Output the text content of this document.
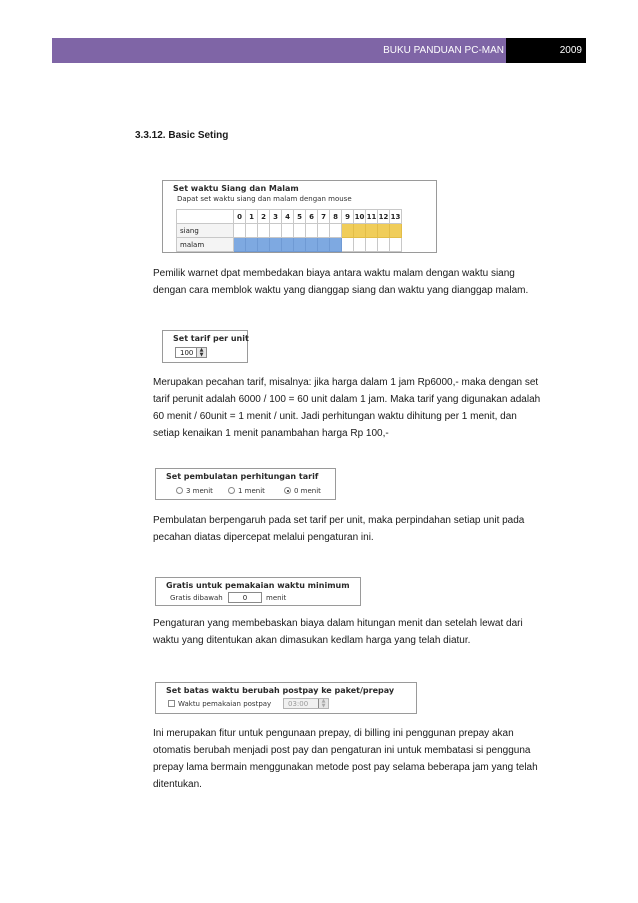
BUKU PANDUAN PC-MAN	2009
3.3.12. Basic Seting
Set waktu Siang dan Malam
Dapat set waktu siang dan malam dengan mouse
	0	1	2	3	4	5	6	7	8	9	10	11	12	13
siang														
malam														

Pemilik warnet dpat membedakan biaya antara waktu malam dengan waktu siang
dengan cara memblok waktu yang dianggap siang dan waktu yang dianggap malam.

Set tarif per unit
100	▲
▼

Merupakan pecahan tarif, misalnya: jika harga dalam 1 jam Rp6000,- maka dengan set
tarif perunit adalah 6000 / 100 = 60 unit dalam 1 jam. Maka tarif yang digunakan adalah
60 menit / 60unit = 1 menit / unit. Jadi perhitungan waktu dihitung per 1 menit, dan
setiap kenaikan 1 menit panambahan harga Rp 100,-

Set pembulatan perhitungan tarif
3 menit	1 menit	0 menit

Pembulatan berpengaruh pada set tarif per unit, maka perpindahan setiap unit pada
pecahan diatas dipercepat melalui pengaturan ini.

Gratis untuk pemakaian waktu minimum
Gratis dibawah	0	menit

Pengaturan yang membebaskan biaya dalam hitungan menit dan setelah lewat dari
waktu yang ditentukan akan dimasukan kedlam harga yang telah diatur.

Set batas waktu berubah postpay ke paket/prepay
Waktu pemakaian postpay	03:00	▲
▼

Ini merupakan fitur untuk pengunaan prepay, di billing ini penggunan prepay akan
otomatis berubah menjadi post pay dan pengaturan ini untuk membatasi si pengguna
prepay lama bermain menggunakan metode post pay selama beberapa jam yang telah
ditentukan.
